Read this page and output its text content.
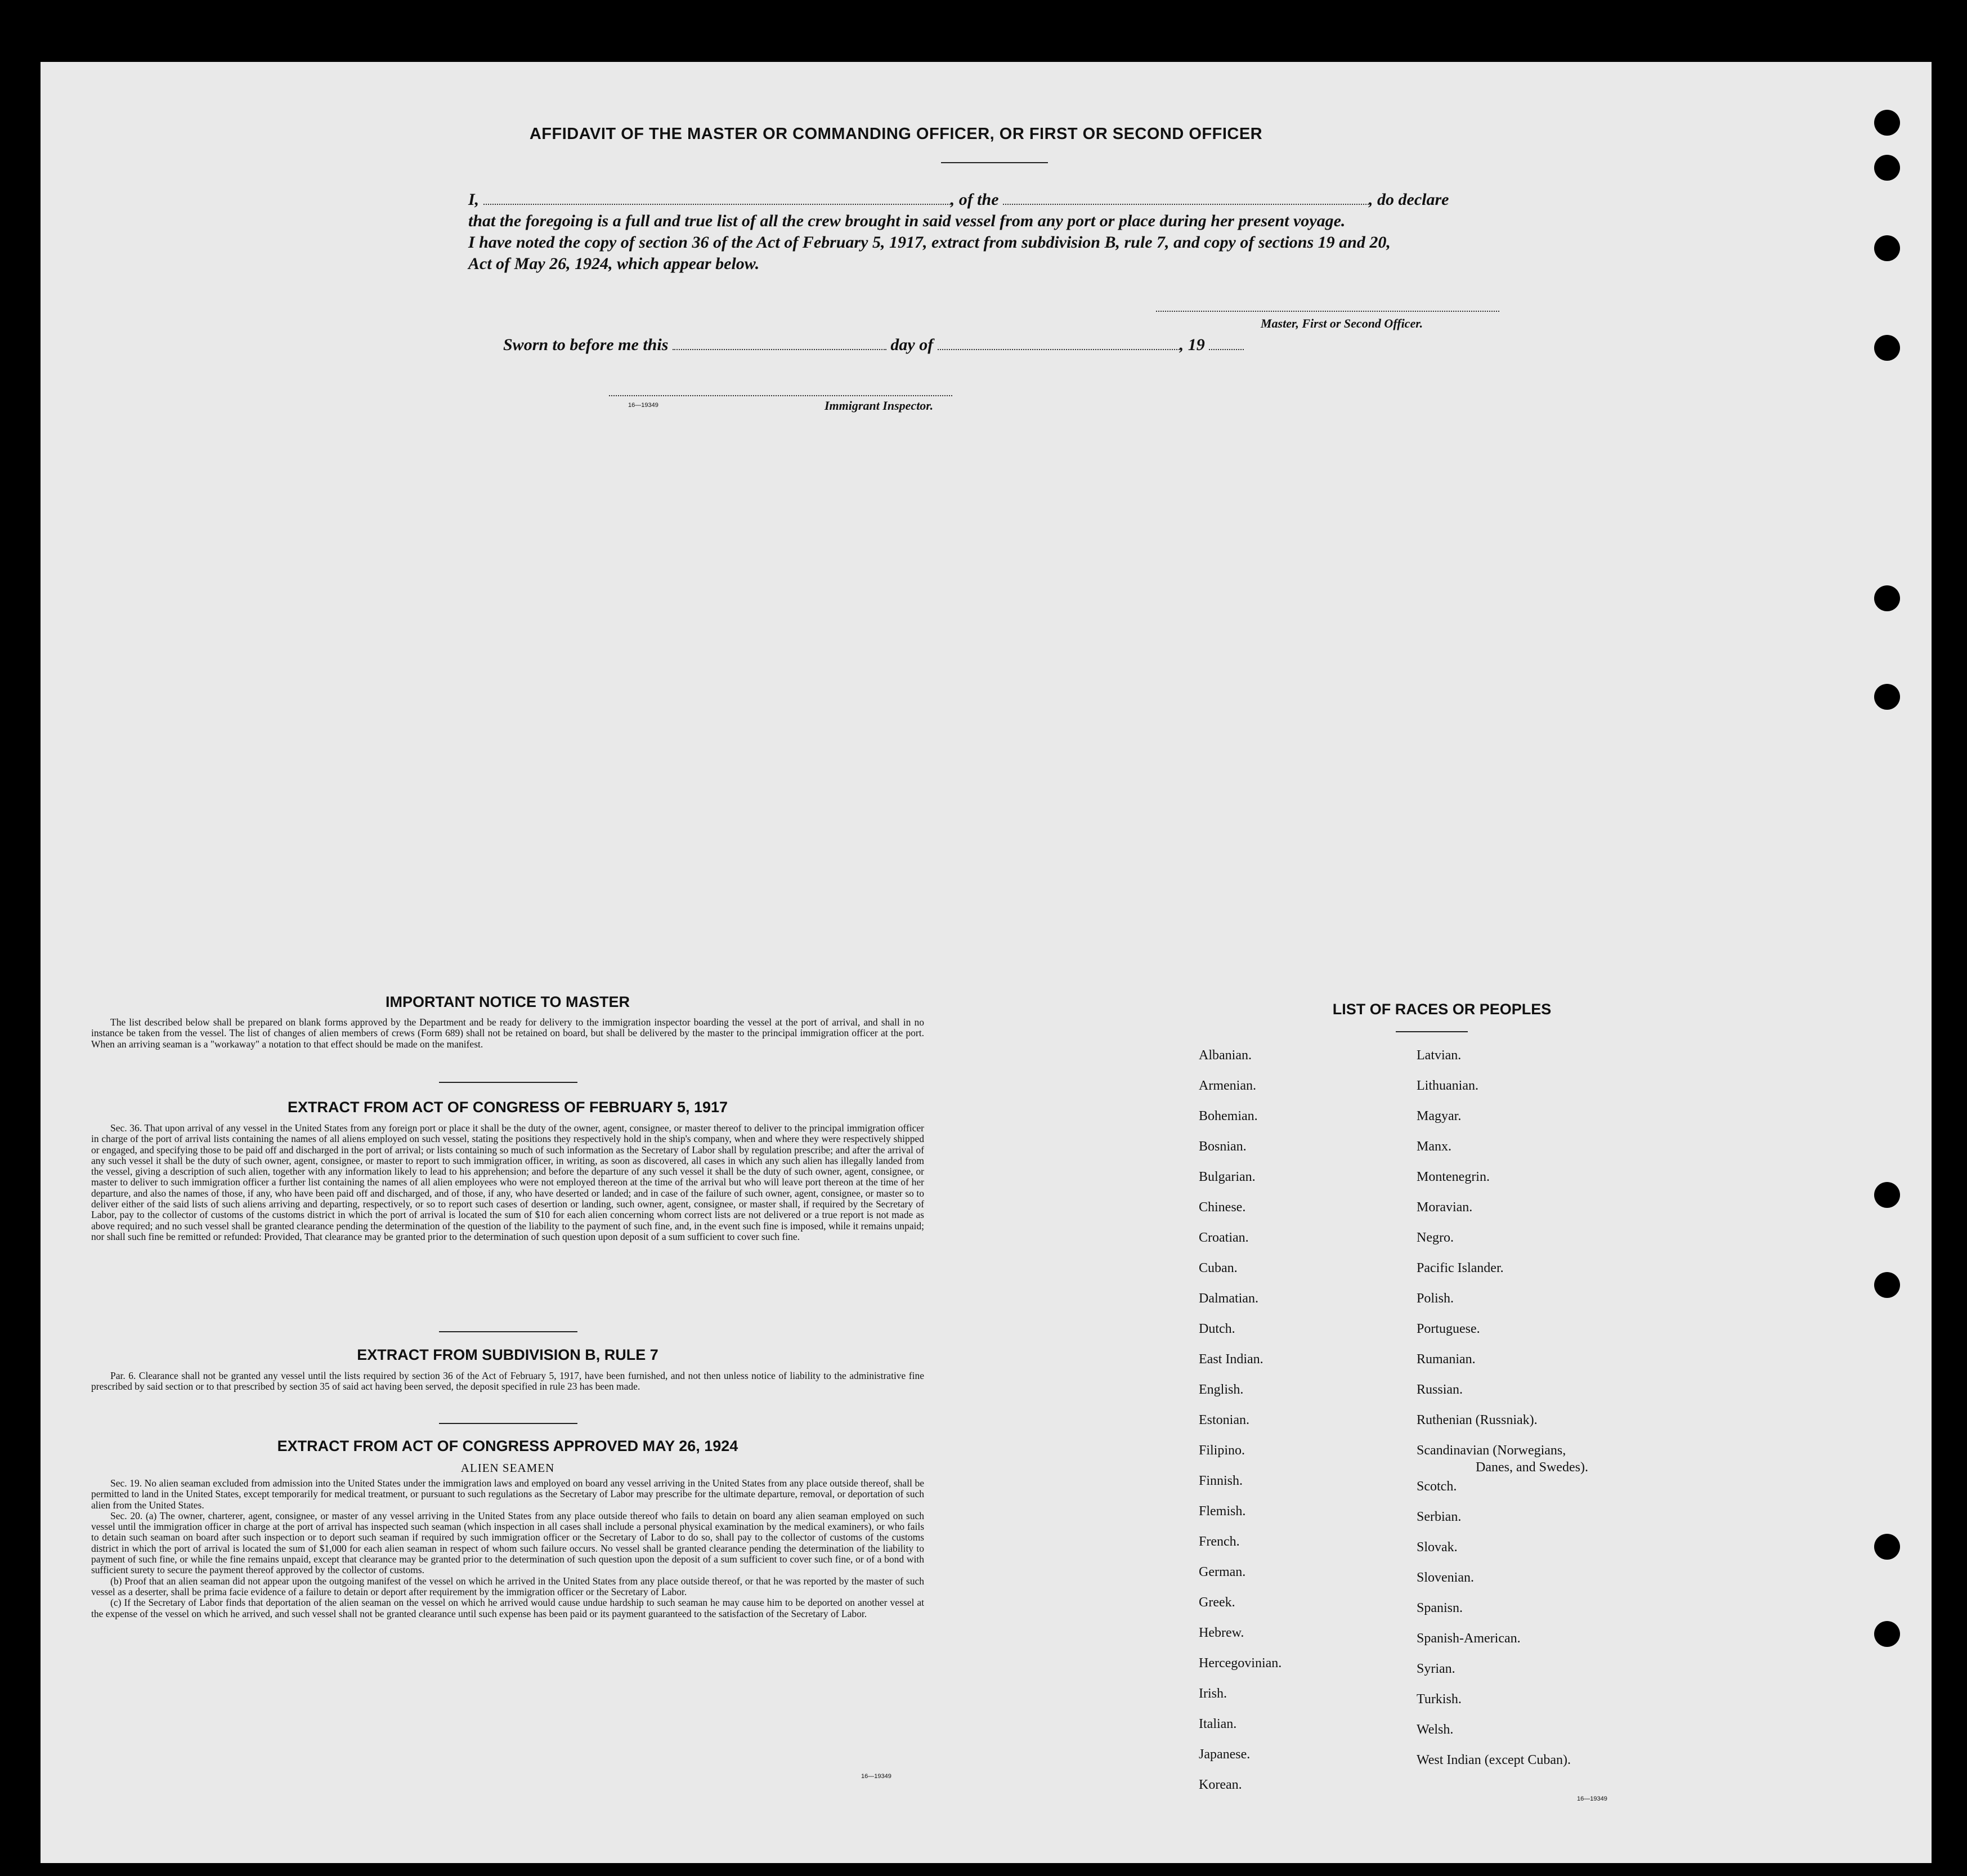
AFFIDAVIT OF THE MASTER OR COMMANDING OFFICER, OR FIRST OR SECOND OFFICER
I,	, of the	, do declare
that the foregoing is a full and true list of all the crew brought in said vessel from any port or place during her present voyage.
I have noted the copy of section 36 of the Act of February 5, 1917, extract from subdivision B, rule 7, and copy of sections 19 and 20,
Act of May 26, 1924, which appear below.
Master, First or Second Officer.
Sworn to before me this	day of	, 19
16—19349	Immigrant Inspector.
IMPORTANT NOTICE TO MASTER

The list described below shall be prepared on blank forms approved by the Department and be ready for delivery to the immigration inspector boarding the vessel at the port of arrival, and shall in no instance be taken from the vessel. The list of changes of alien members of crews (Form 689) shall not be retained on board, but shall be delivered by the master to the principal immigration officer at the port. When an arriving seaman is a "workaway" a notation to that effect should be made on the manifest.

EXTRACT FROM ACT OF CONGRESS OF FEBRUARY 5, 1917

Sec. 36. That upon arrival of any vessel in the United States from any foreign port or place it shall be the duty of the owner, agent, consignee, or master thereof to deliver to the principal immigration officer in charge of the port of arrival lists containing the names of all aliens employed on such vessel, stating the positions they respectively hold in the ship's company, when and where they were respectively shipped or engaged, and specifying those to be paid off and discharged in the port of arrival; or lists containing so much of such information as the Secretary of Labor shall by regulation prescribe; and after the arrival of any such vessel it shall be the duty of such owner, agent, consignee, or master to report to such immigration officer, in writing, as soon as discovered, all cases in which any such alien has illegally landed from the vessel, giving a description of such alien, together with any information likely to lead to his apprehension; and before the departure of any such vessel it shall be the duty of such owner, agent, consignee, or master to deliver to such immigration officer a further list containing the names of all alien employees who were not employed thereon at the time of the arrival but who will leave port thereon at the time of her departure, and also the names of those, if any, who have been paid off and discharged, and of those, if any, who have deserted or landed; and in case of the failure of such owner, agent, consignee, or master so to deliver either of the said lists of such aliens arriving and departing, respectively, or so to report such cases of desertion or landing, such owner, agent, consignee, or master shall, if required by the Secretary of Labor, pay to the collector of customs of the customs district in which the port of arrival is located the sum of $10 for each alien concerning whom correct lists are not delivered or a true report is not made as above required; and no such vessel shall be granted clearance pending the determination of the question of the liability to the payment of such fine, and, in the event such fine is imposed, while it remains unpaid; nor shall such fine be remitted or refunded: Provided, That clearance may be granted prior to the determination of such question upon deposit of a sum sufficient to cover such fine.

EXTRACT FROM SUBDIVISION B, RULE 7

Par. 6. Clearance shall not be granted any vessel until the lists required by section 36 of the Act of February 5, 1917, have been furnished, and not then unless notice of liability to the administrative fine prescribed by said section or to that prescribed by section 35 of said act having been served, the deposit specified in rule 23 has been made.

EXTRACT FROM ACT OF CONGRESS APPROVED MAY 26, 1924
ALIEN SEAMEN

Sec. 19. No alien seaman excluded from admission into the United States under the immigration laws and employed on board any vessel arriving in the United States from any place outside thereof, shall be permitted to land in the United States, except temporarily for medical treatment, or pursuant to such regulations as the Secretary of Labor may prescribe for the ultimate departure, removal, or deportation of such alien from the United States.

Sec. 20. (a) The owner, charterer, agent, consignee, or master of any vessel arriving in the United States from any place outside thereof who fails to detain on board any alien seaman employed on such vessel until the immigration officer in charge at the port of arrival has inspected such seaman (which inspection in all cases shall include a personal physical examination by the medical examiners), or who fails to detain such seaman on board after such inspection or to deport such seaman if required by such immigration officer or the Secretary of Labor to do so, shall pay to the collector of customs of the customs district in which the port of arrival is located the sum of $1,000 for each alien seaman in respect of whom such failure occurs. No vessel shall be granted clearance pending the determination of the liability to payment of such fine, or while the fine remains unpaid, except that clearance may be granted prior to the determination of such question upon the deposit of a sum sufficient to cover such fine, or of a bond with sufficient surety to secure the payment thereof approved by the collector of customs.

(b) Proof that an alien seaman did not appear upon the outgoing manifest of the vessel on which he arrived in the United States from any place outside thereof, or that he was reported by the master of such vessel as a deserter, shall be prima facie evidence of a failure to detain or deport after requirement by the immigration officer or the Secretary of Labor.

(c) If the Secretary of Labor finds that deportation of the alien seaman on the vessel on which he arrived would cause undue hardship to such seaman he may cause him to be deported on another vessel at the expense of the vessel on which he arrived, and such vessel shall not be granted clearance until such expense has been paid or its payment guaranteed to the satisfaction of the Secretary of Labor.

16—19349
LIST OF RACES OR PEOPLES
Albanian.
Armenian.
Bohemian.
Bosnian.
Bulgarian.
Chinese.
Croatian.
Cuban.
Dalmatian.
Dutch.
East Indian.
English.
Estonian.
Filipino.
Finnish.
Flemish.
French.
German.
Greek.
Hebrew.
Hercegovinian.
Irish.
Italian.
Japanese.
Korean.
Latvian.
Lithuanian.
Magyar.
Manx.
Montenegrin.
Moravian.
Negro.
Pacific Islander.
Polish.
Portuguese.
Rumanian.
Russian.
Ruthenian (Russniak).
Scandinavian (Norwegians,
Danes, and Swedes).
Scotch.
Serbian.
Slovak.
Slovenian.
Spanisn.
Spanish-American.
Syrian.
Turkish.
Welsh.
West Indian (except Cuban).
16—19349
